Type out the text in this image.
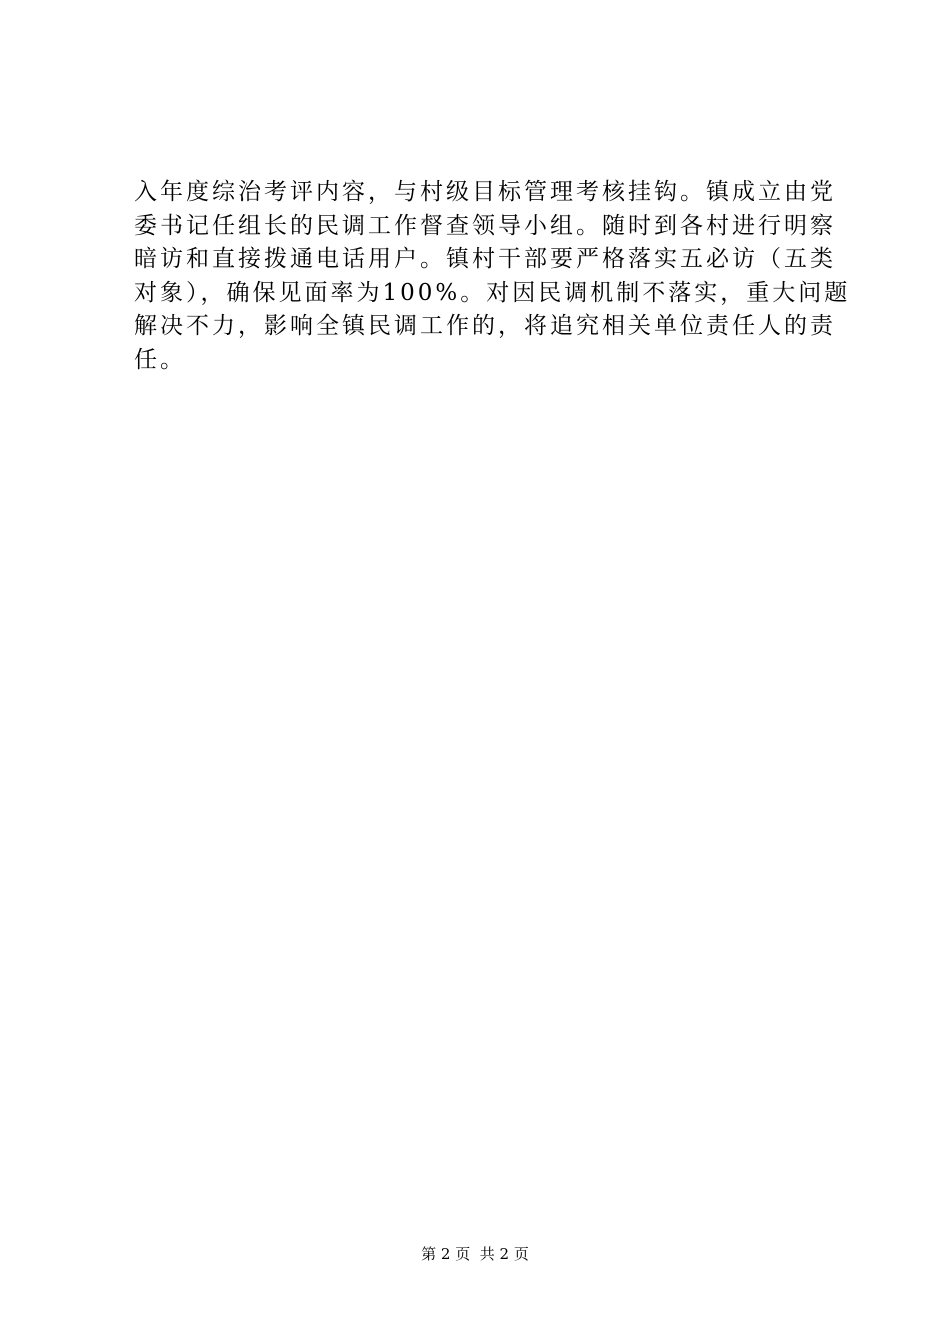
入年度综治考评内容，与村级目标管理考核挂钩。镇成立由党
委书记任组长的民调工作督查领导小组。随时到各村进行明察
暗访和直接拨通电话用户。镇村干部要严格落实五必访（五类
对象），确保见面率为100%。对因民调机制不落实，重大问题
解决不力，影响全镇民调工作的，将追究相关单位责任人的责
任。
第 2 页  共 2 页
